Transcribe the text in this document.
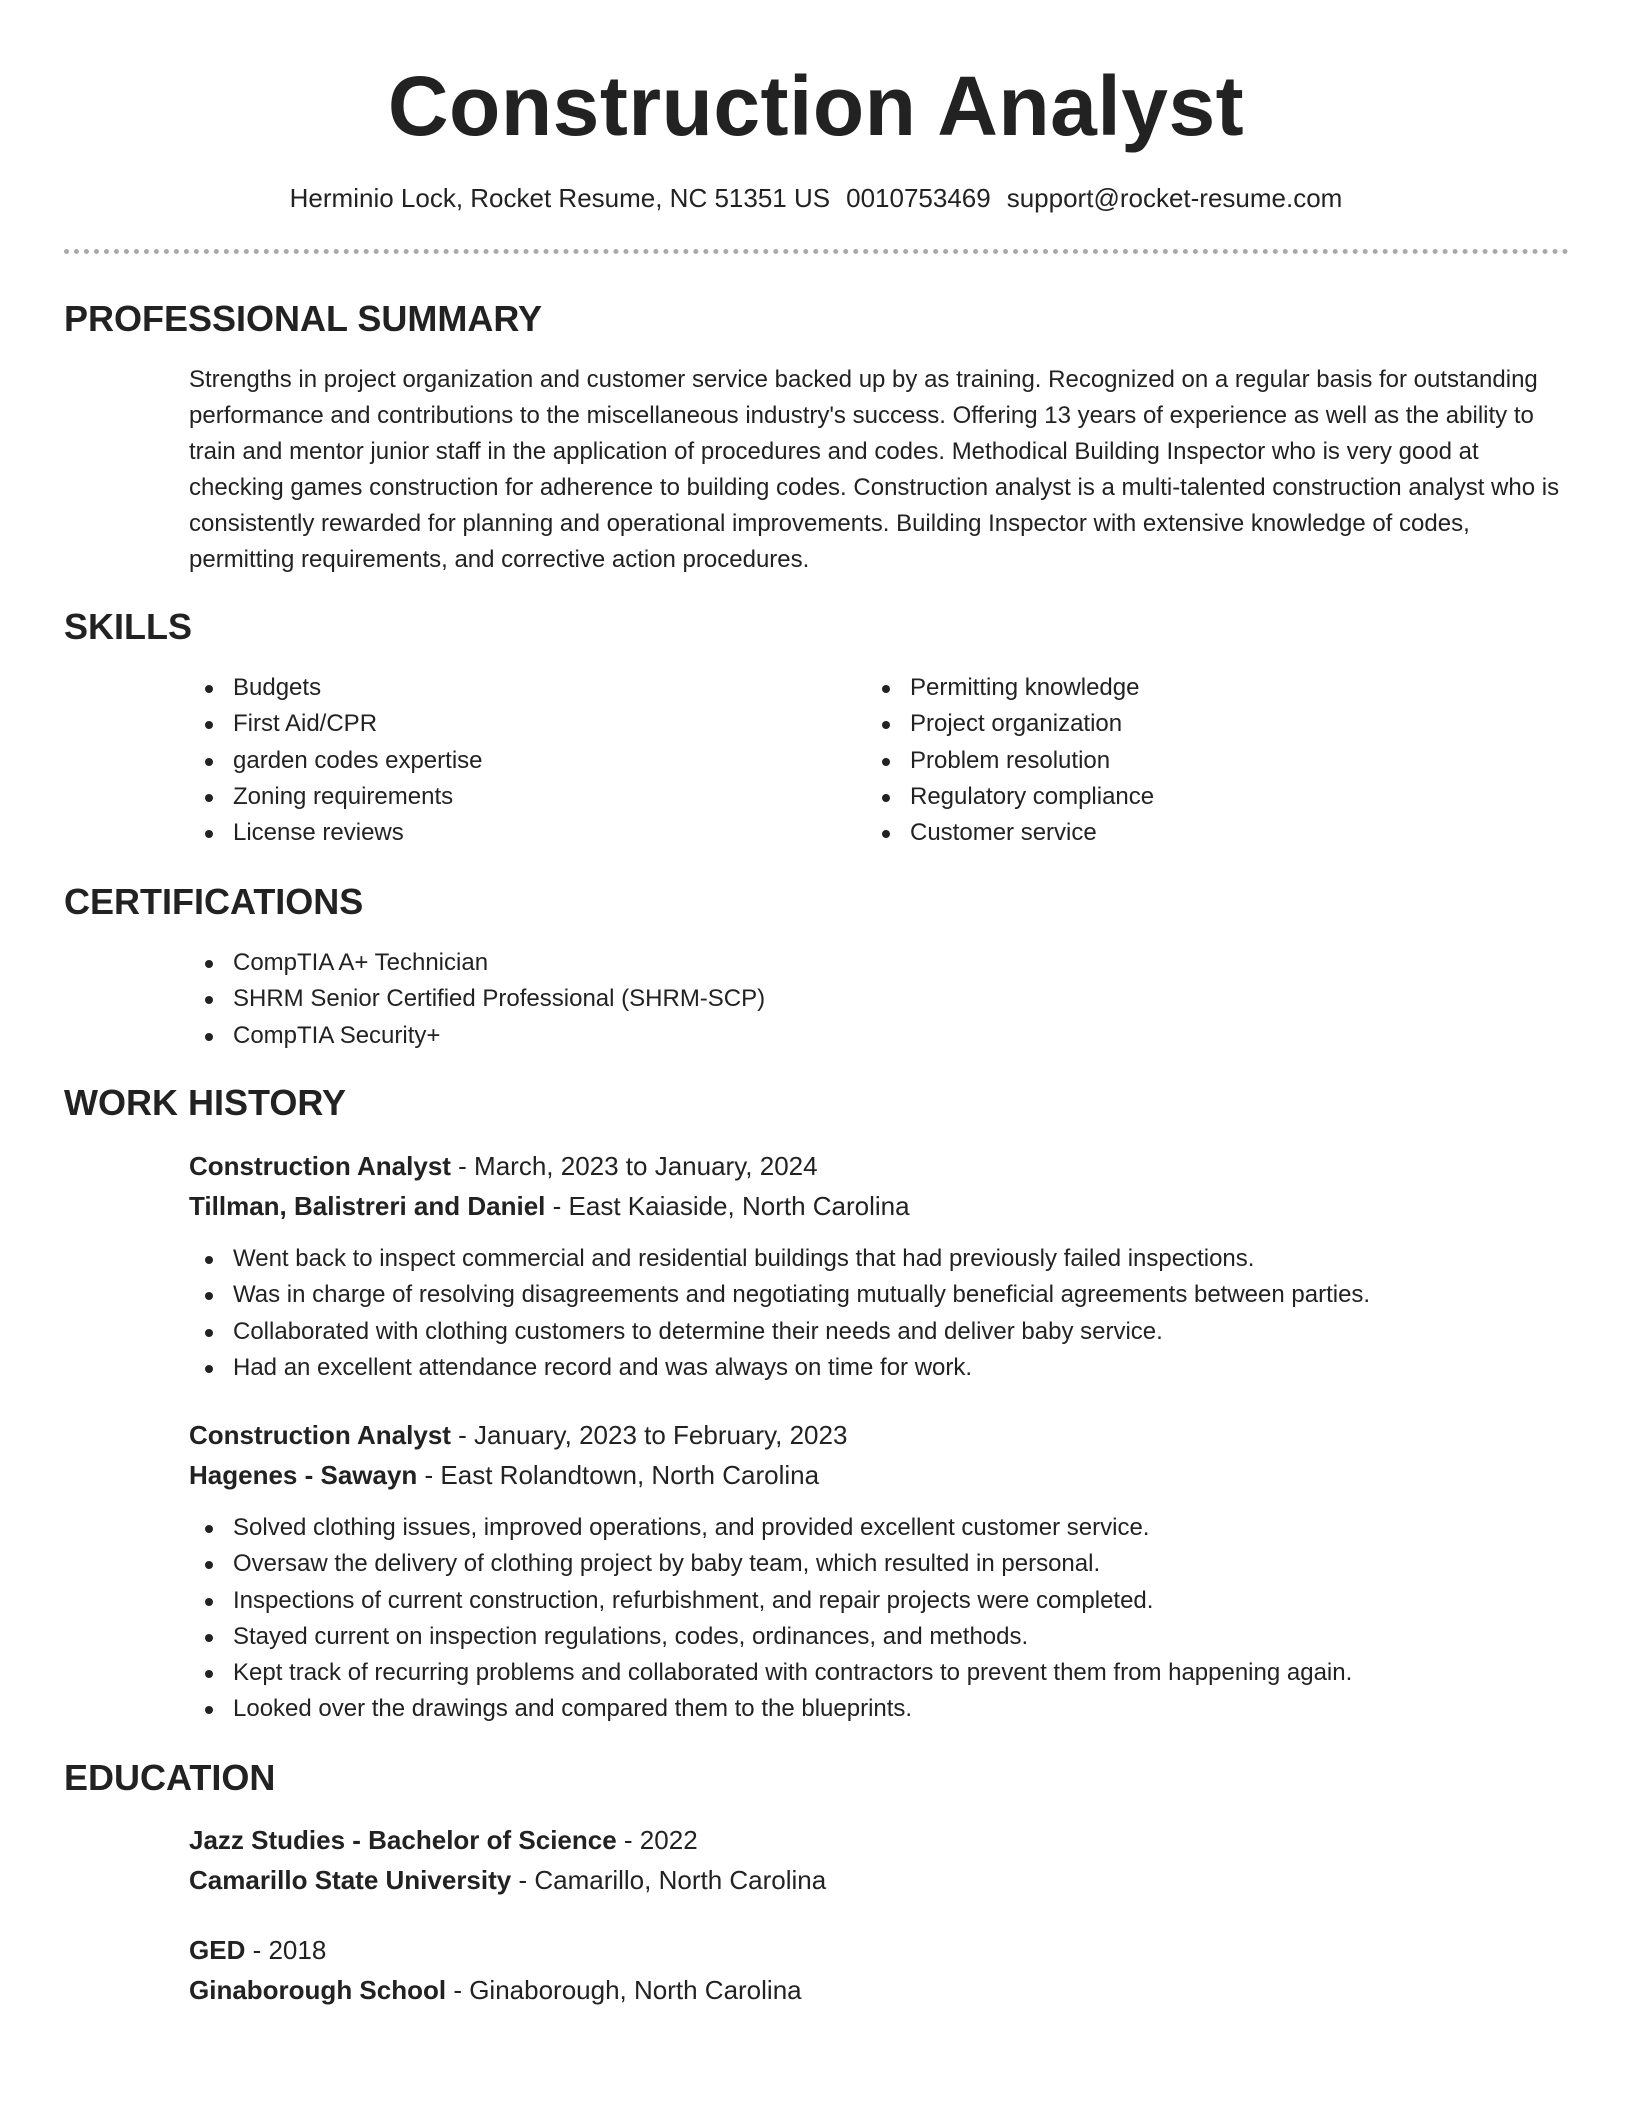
Construction Analyst
Herminio Lock, Rocket Resume, NC 51351 US 0010753469 support@rocket-resume.com
PROFESSIONAL SUMMARY
Strengths in project organization and customer service backed up by as training. Recognized on a regular basis for outstanding performance and contributions to the miscellaneous industry's success. Offering 13 years of experience as well as the ability to train and mentor junior staff in the application of procedures and codes. Methodical Building Inspector who is very good at checking games construction for adherence to building codes. Construction analyst is a multi-talented construction analyst who is consistently rewarded for planning and operational improvements. Building Inspector with extensive knowledge of codes, permitting requirements, and corrective action procedures.
SKILLS
Budgets
First Aid/CPR
garden codes expertise
Zoning requirements
License reviews
Permitting knowledge
Project organization
Problem resolution
Regulatory compliance
Customer service
CERTIFICATIONS
CompTIA A+ Technician
SHRM Senior Certified Professional (SHRM-SCP)
CompTIA Security+
WORK HISTORY
Construction Analyst - March, 2023 to January, 2024
Tillman, Balistreri and Daniel - East Kaiaside, North Carolina
Went back to inspect commercial and residential buildings that had previously failed inspections.
Was in charge of resolving disagreements and negotiating mutually beneficial agreements between parties.
Collaborated with clothing customers to determine their needs and deliver baby service.
Had an excellent attendance record and was always on time for work.
Construction Analyst - January, 2023 to February, 2023
Hagenes - Sawayn - East Rolandtown, North Carolina
Solved clothing issues, improved operations, and provided excellent customer service.
Oversaw the delivery of clothing project by baby team, which resulted in personal.
Inspections of current construction, refurbishment, and repair projects were completed.
Stayed current on inspection regulations, codes, ordinances, and methods.
Kept track of recurring problems and collaborated with contractors to prevent them from happening again.
Looked over the drawings and compared them to the blueprints.
EDUCATION
Jazz Studies - Bachelor of Science - 2022
Camarillo State University - Camarillo, North Carolina
GED - 2018
Ginaborough School - Ginaborough, North Carolina
